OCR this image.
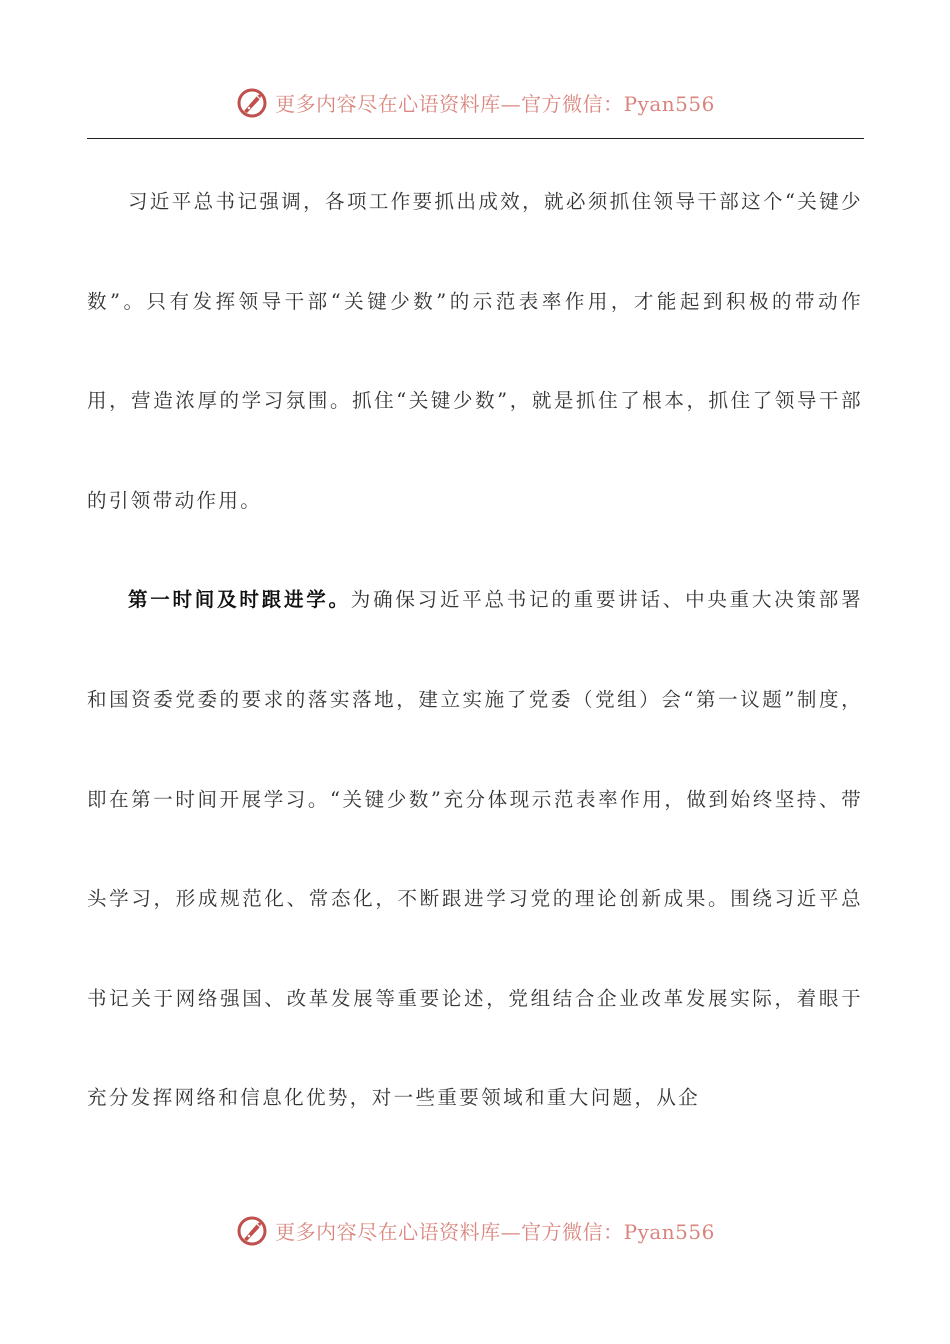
更多内容尽在心语资料库—官方微信：Pyan556

习近平总书记强调，各项工作要抓出成效，就必须抓住领导干部这个“关键少数”。只有发挥领导干部“关键少数”的示范表率作用，才能起到积极的带动作用，营造浓厚的学习氛围。抓住“关键少数”，就是抓住了根本，抓住了领导干部的引领带动作用。

第一时间及时跟进学。为确保习近平总书记的重要讲话、中央重大决策部署和国资委党委的要求的落实落地，建立实施了党委（党组）会“第一议题”制度，即在第一时间开展学习。“关键少数”充分体现示范表率作用，做到始终坚持、带头学习，形成规范化、常态化，不断跟进学习党的理论创新成果。围绕习近平总书记关于网络强国、改革发展等重要论述，党组结合企业改革发展实际，着眼于充分发挥网络和信息化优势，对一些重要领域和重大问题，从企

更多内容尽在心语资料库—官方微信：Pyan556
